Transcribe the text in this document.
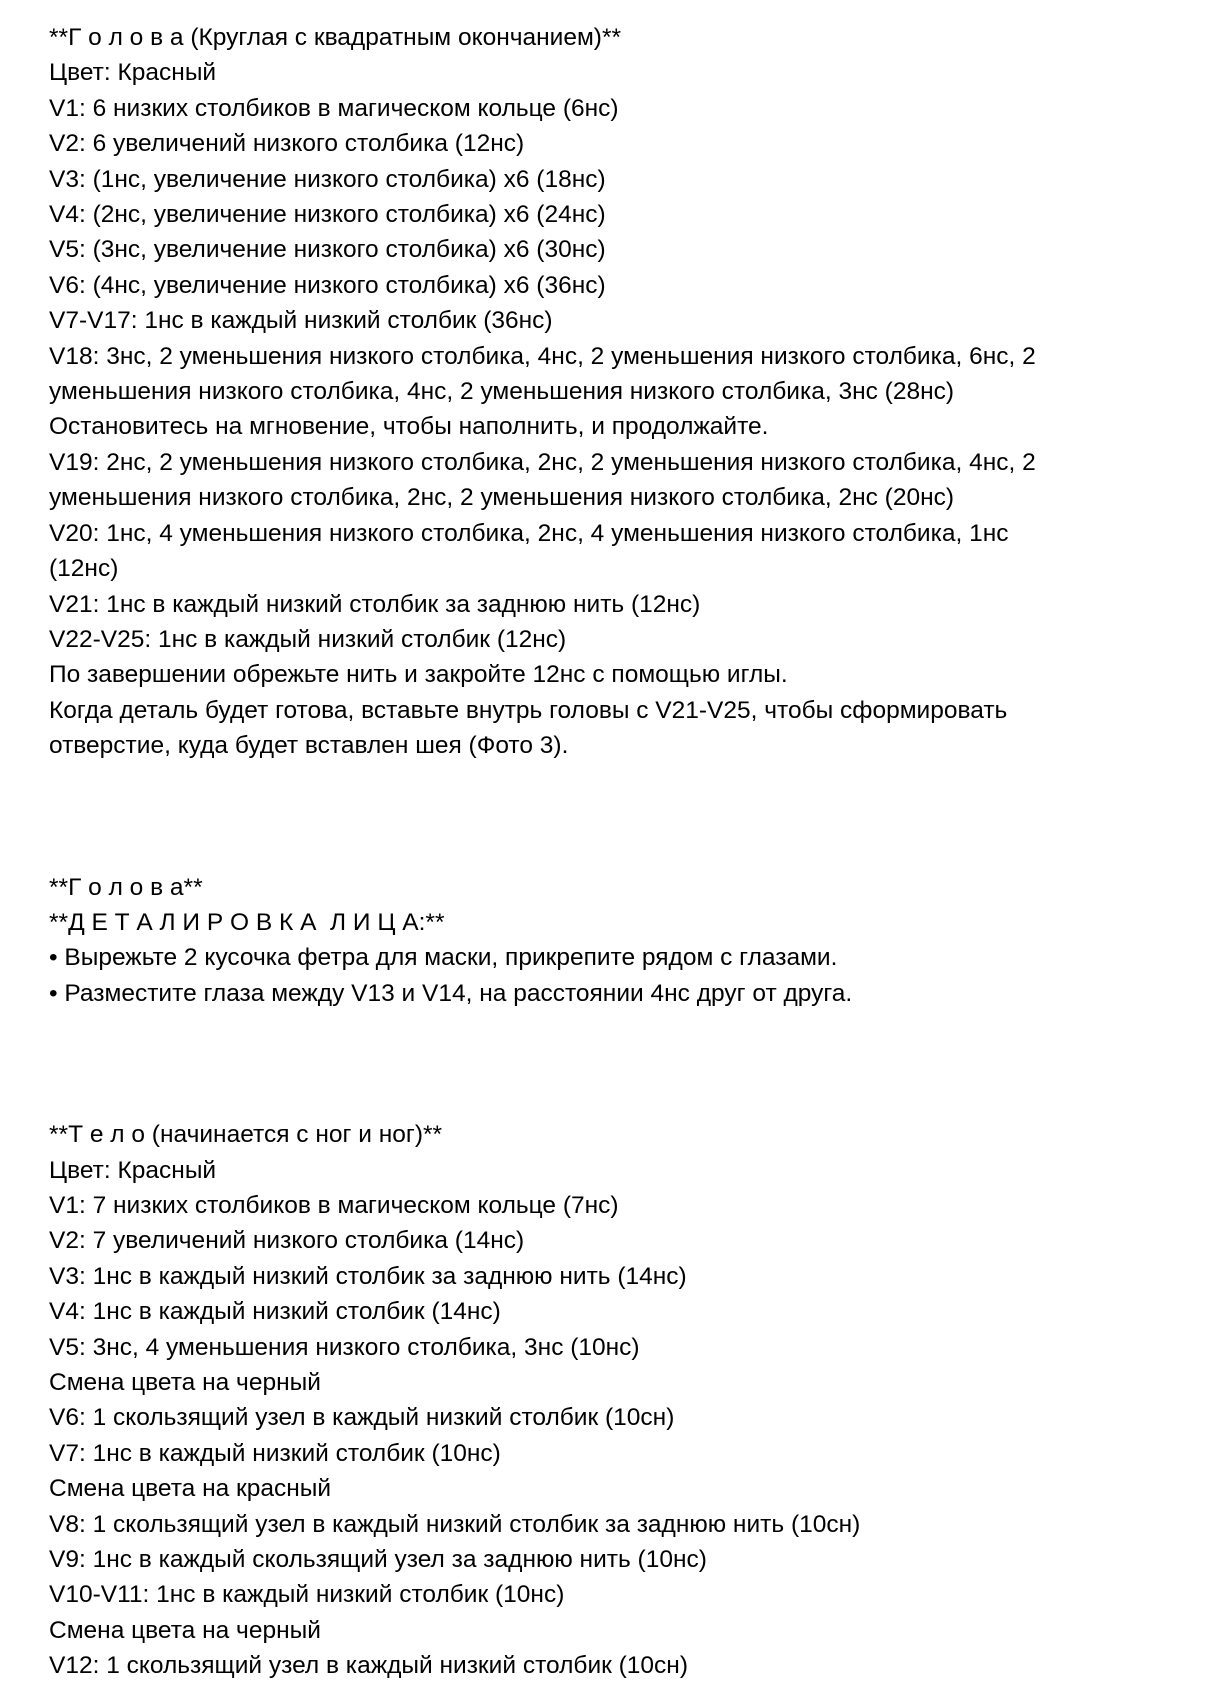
**Г о л о в а (Круглая с квадратным окончанием)**

Цвет: Красный

V1: 6 низких столбиков в магическом кольце (6нс)

V2: 6 увеличений низкого столбика (12нс)

V3: (1нс, увеличение низкого столбика) x6 (18нс)

V4: (2нс, увеличение низкого столбика) x6 (24нс)

V5: (3нс, увеличение низкого столбика) x6 (30нс)

V6: (4нс, увеличение низкого столбика) x6 (36нс)

V7-V17: 1нс в каждый низкий столбик (36нс)

V18: 3нс, 2 уменьшения низкого столбика, 4нс, 2 уменьшения низкого столбика, 6нс, 2

уменьшения низкого столбика, 4нс, 2 уменьшения низкого столбика, 3нс (28нс)

Остановитесь на мгновение, чтобы наполнить, и продолжайте.

V19: 2нс, 2 уменьшения низкого столбика, 2нс, 2 уменьшения низкого столбика, 4нс, 2

уменьшения низкого столбика, 2нс, 2 уменьшения низкого столбика, 2нс (20нс)

V20: 1нс, 4 уменьшения низкого столбика, 2нс, 4 уменьшения низкого столбика, 1нс

(12нс)

V21: 1нс в каждый низкий столбик за заднюю нить (12нс)

V22-V25: 1нс в каждый низкий столбик (12нс)

По завершении обрежьте нить и закройте 12нс с помощью иглы.

Когда деталь будет готова, вставьте внутрь головы с V21-V25, чтобы сформировать

отверстие, куда будет вставлен шея (Фото 3).

**Г о л о в а**

**Д Е Т А Л И Р О В К А  Л И Ц А:**

• Вырежьте 2 кусочка фетра для маски, прикрепите рядом с глазами.

• Разместите глаза между V13 и V14, на расстоянии 4нс друг от друга.

**Т е л о (начинается с ног и ног)**

Цвет: Красный

V1: 7 низких столбиков в магическом кольце (7нс)

V2: 7 увеличений низкого столбика (14нс)

V3: 1нс в каждый низкий столбик за заднюю нить (14нс)

V4: 1нс в каждый низкий столбик (14нс)

V5: 3нс, 4 уменьшения низкого столбика, 3нс (10нс)

Смена цвета на черный

V6: 1 скользящий узел в каждый низкий столбик (10сн)

V7: 1нс в каждый низкий столбик (10нс)

Смена цвета на красный

V8: 1 скользящий узел в каждый низкий столбик за заднюю нить (10сн)

V9: 1нс в каждый скользящий узел за заднюю нить (10нс)

V10-V11: 1нс в каждый низкий столбик (10нс)

Смена цвета на черный

V12: 1 скользящий узел в каждый низкий столбик (10сн)
